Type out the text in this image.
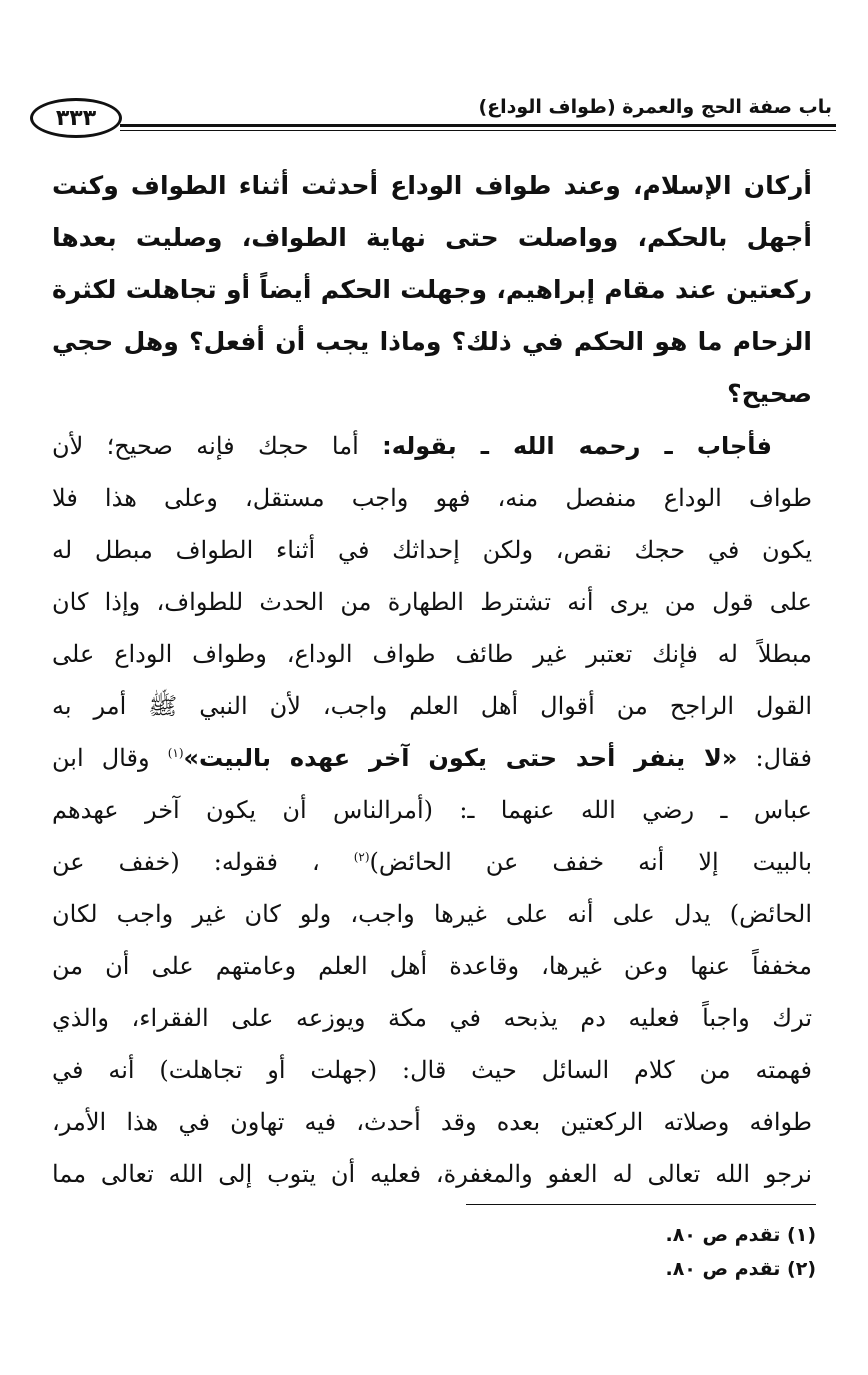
٣٣٣	باب صفة الحج والعمرة (طواف الوداع)
أركان الإسلام، وعند طواف الوداع أحدثت أثناء الطواف وكنت
أجهل بالحكم، وواصلت حتى نهاية الطواف، وصليت بعدها
ركعتين عند مقام إبراهيم، وجهلت الحكم أيضاً أو تجاهلت لكثرة
الزحام ما هو الحكم في ذلك؟ وماذا يجب أن أفعل؟ وهل حجي
صحيح؟
فأجاب ـ رحمه الله ـ بقوله: أما حجك فإنه صحيح؛ لأن
طواف الوداع منفصل منه، فهو واجب مستقل، وعلى هذا فلا
يكون في حجك نقص، ولكن إحداثك في أثناء الطواف مبطل له
على قول من يرى أنه تشترط الطهارة من الحدث للطواف، وإذا كان
مبطلاً له فإنك تعتبر غير طائف طواف الوداع، وطواف الوداع على
القول الراجح من أقوال أهل العلم واجب، لأن النبي ﷺ أمر به
فقال: «لا ينفر أحد حتى يكون آخر عهده بالبيت»$^{(١)}$ وقال ابن
عباس ـ رضي الله عنهما ـ: (أمرالناس أن يكون آخر عهدهم
بالبيت إلا أنه خفف عن الحائض)$^{(٢)}$ ، فقوله: (خفف عن
الحائض) يدل على أنه على غيرها واجب، ولو كان غير واجب لكان
مخففاً عنها وعن غيرها، وقاعدة أهل العلم وعامتهم على أن من
ترك واجباً فعليه دم يذبحه في مكة ويوزعه على الفقراء، والذي
فهمته من كلام السائل حيث قال: (جهلت أو تجاهلت) أنه في
طوافه وصلاته الركعتين بعده وقد أحدث، فيه تهاون في هذا الأمر،
نرجو الله تعالى له العفو والمغفرة، فعليه أن يتوب إلى الله تعالى مما
(١) تقدم ص ٨٠.
(٢) تقدم ص ٨٠.
